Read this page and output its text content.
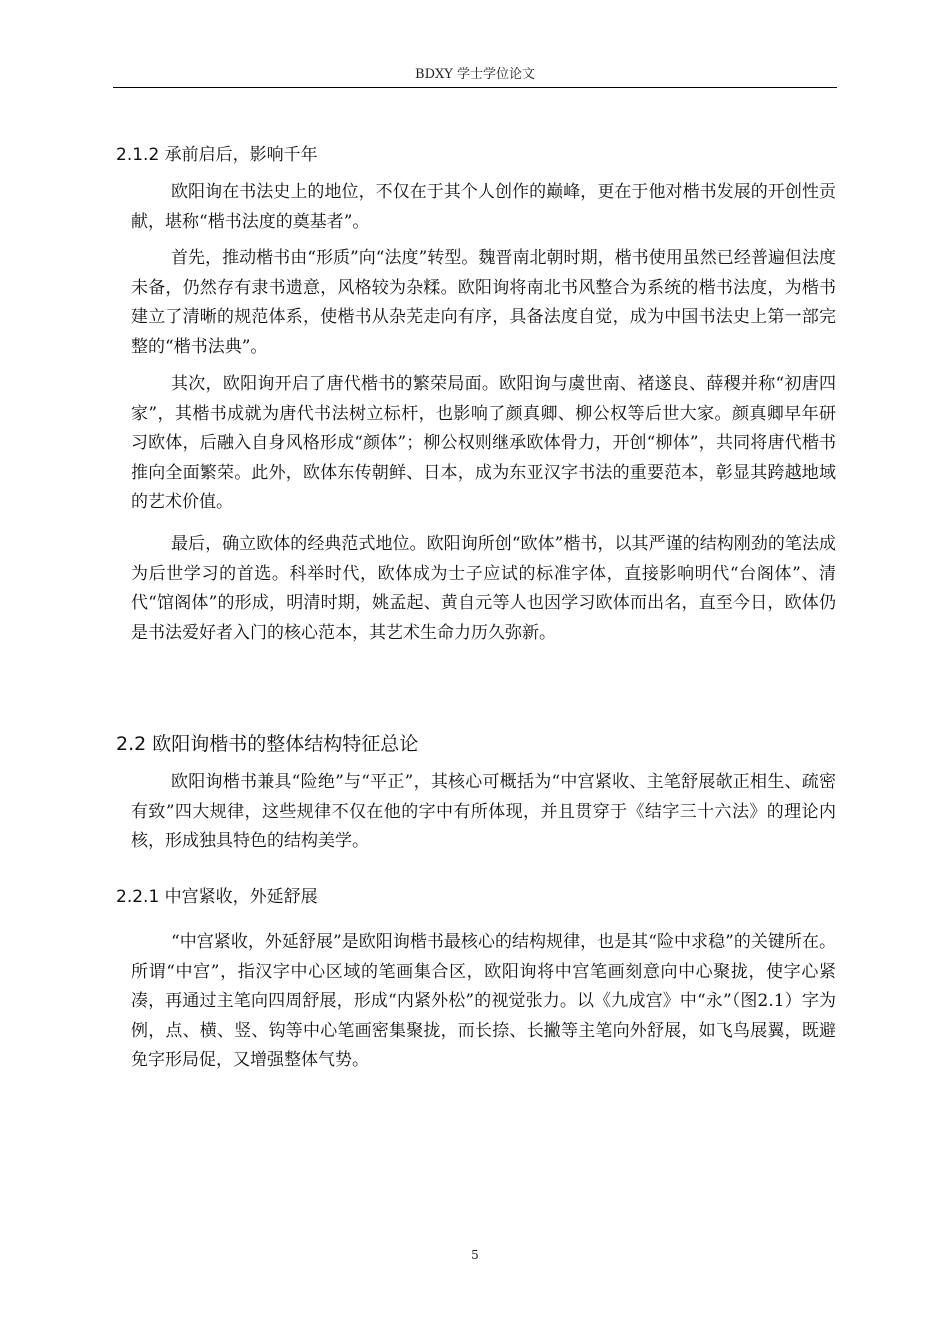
BDXY 学士学位论文
2.1.2 承前启后，影响千年

欧阳询在书法史上的地位，不仅在于其个人创作的巅峰，更在于他对楷书发展的开创性贡献，堪称“楷书法度的奠基者”。

首先，推动楷书由“形质”向“法度”转型。魏晋南北朝时期，楷书使用虽然已经普遍但法度未备，仍然存有隶书遗意，风格较为杂糅。欧阳询将南北书风整合为系统的楷书法度，为楷书建立了清晰的规范体系，使楷书从杂芜走向有序，具备法度自觉，成为中国书法史上第一部完整的“楷书法典”。

其次，欧阳询开启了唐代楷书的繁荣局面。欧阳询与虞世南、褚遂良、薛稷并称“初唐四家”，其楷书成就为唐代书法树立标杆，也影响了颜真卿、柳公权等后世大家。颜真卿早年研习欧体，后融入自身风格形成“颜体”；柳公权则继承欧体骨力，开创“柳体”，共同将唐代楷书推向全面繁荣。此外，欧体东传朝鲜、日本，成为东亚汉字书法的重要范本，彰显其跨越地域的艺术价值。

最后，确立欧体的经典范式地位。欧阳询所创“欧体”楷书，以其严谨的结构刚劲的笔法成为后世学习的首选。科举时代，欧体成为士子应试的标准字体，直接影响明代“台阁体”、清代“馆阁体”的形成，明清时期，姚孟起、黄自元等人也因学习欧体而出名，直至今日，欧体仍是书法爱好者入门的核心范本，其艺术生命力历久弥新。

2.2 欧阳询楷书的整体结构特征总论

欧阳询楷书兼具“险绝”与“平正”，其核心可概括为“中宫紧收、主笔舒展欹正相生、疏密有致”四大规律，这些规律不仅在他的字中有所体现，并且贯穿于《结字三十六法》的理论内核，形成独具特色的结构美学。

2.2.1 中宫紧收，外延舒展

“中宫紧收，外延舒展”是欧阳询楷书最核心的结构规律，也是其“险中求稳”的关键所在。所谓“中宫”，指汉字中心区域的笔画集合区，欧阳询将中宫笔画刻意向中心聚拢，使字心紧凑，再通过主笔向四周舒展，形成“内紧外松”的视觉张力。以《九成宫》中“永”（图2.1）字为例，点、横、竖、钩等中心笔画密集聚拢，而长捺、长撇等主笔向外舒展，如飞鸟展翼，既避免字形局促，又增强整体气势。

5
